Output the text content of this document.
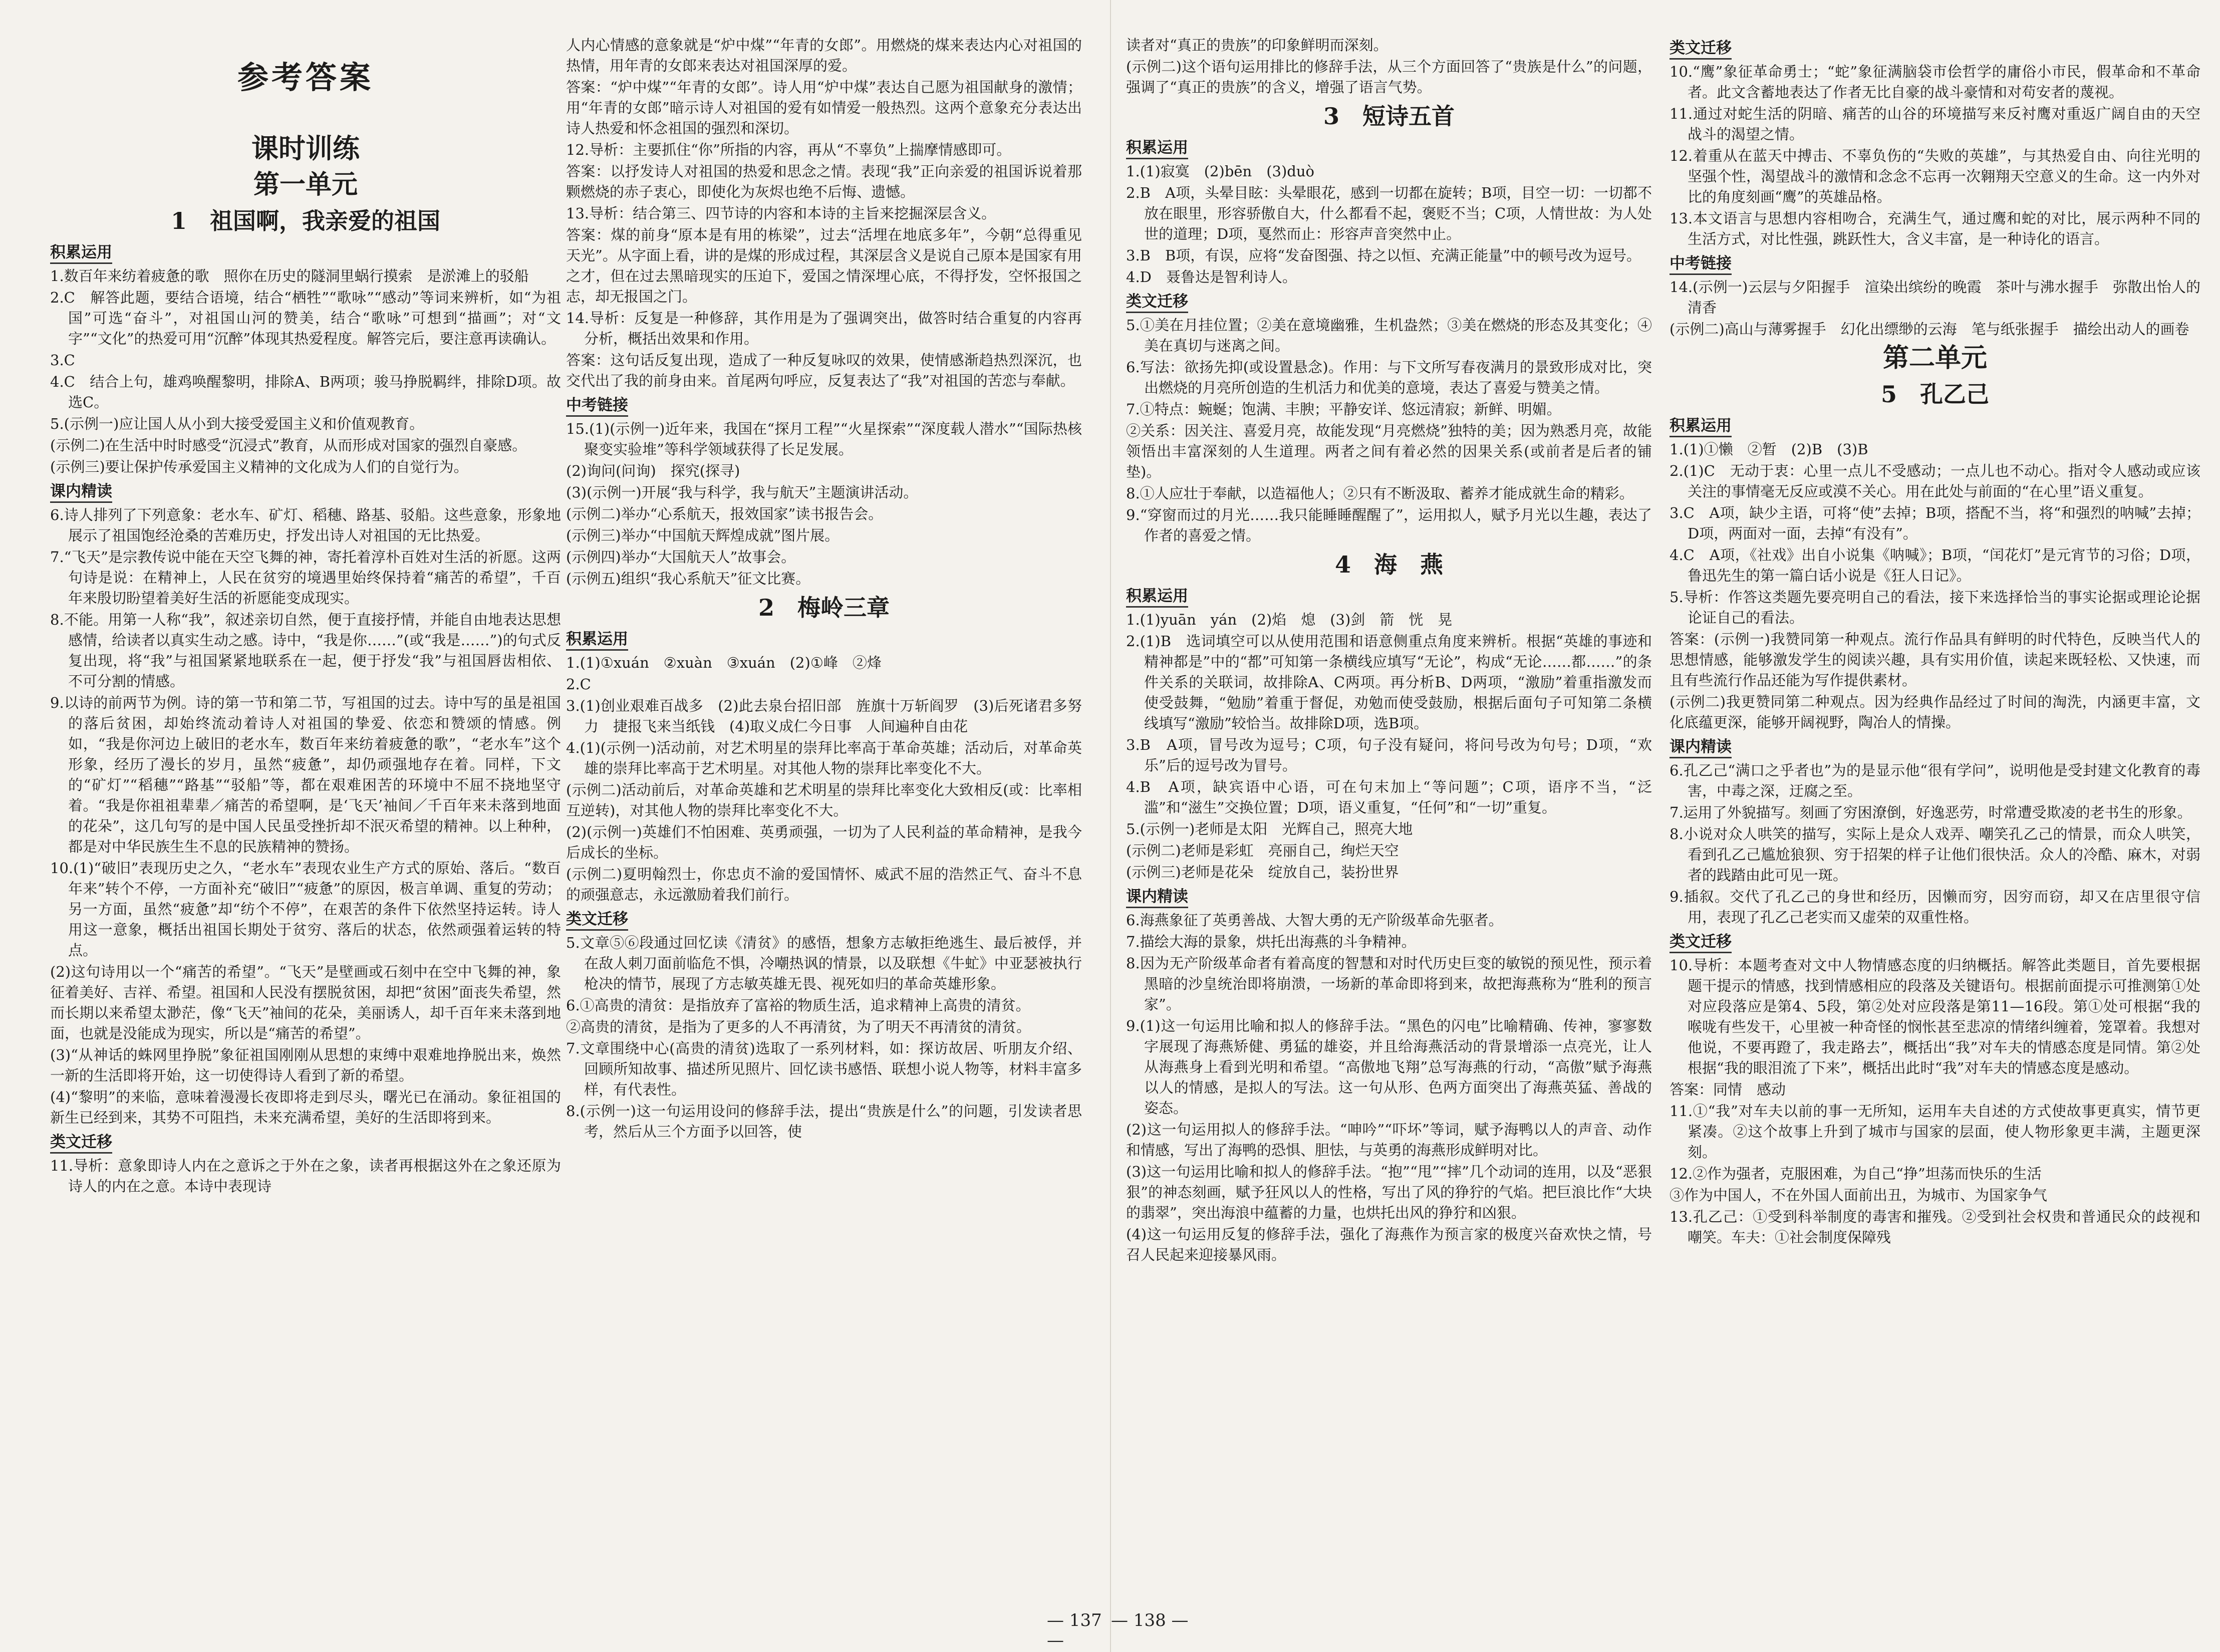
参考答案
课时训练
第一单元
1　祖国啊，我亲爱的祖国
积累运用

1.数百年来纺着疲惫的歌　照你在历史的隧洞里蜗行摸索　是淤滩上的驳船

2.C　解答此题，要结合语境，结合“栖牲”“歌咏”“感动”等词来辨析，如“为祖国”可选“奋斗”，对祖国山河的赞美，结合“歌咏”可想到“描画”；对“文字”“文化”的热爱可用“沉醉”体现其热爱程度。解答完后，要注意再读确认。

3.C

4.C　结合上句，雄鸡唤醒黎明，排除A、B两项；骏马挣脱羁绊，排除D项。故选C。

5.(示例一)应让国人从小到大接受爱国主义和价值观教育。

(示例二)在生活中时时感受“沉浸式”教育，从而形成对国家的强烈自豪感。

(示例三)要让保护传承爱国主义精神的文化成为人们的自觉行为。

课内精读

6.诗人排列了下列意象：老水车、矿灯、稻穗、路基、驳船。这些意象，形象地展示了祖国饱经沧桑的苦难历史，抒发出诗人对祖国的无比热爱。

7.“飞天”是宗教传说中能在天空飞舞的神，寄托着淳朴百姓对生活的祈愿。这两句诗是说：在精神上，人民在贫穷的境遇里始终保持着“痛苦的希望”，千百年来殷切盼望着美好生活的祈愿能变成现实。

8.不能。用第一人称“我”，叙述亲切自然，便于直接抒情，并能自由地表达思想感情，给读者以真实生动之感。诗中，“我是你……”(或“我是……”)的句式反复出现，将“我”与祖国紧紧地联系在一起，便于抒发“我”与祖国唇齿相依、不可分割的情感。

9.以诗的前两节为例。诗的第一节和第二节，写祖国的过去。诗中写的虽是祖国的落后贫困，却始终流动着诗人对祖国的挚爱、依恋和赞颂的情感。例如，“我是你河边上破旧的老水车，数百年来纺着疲惫的歌”，“老水车”这个形象，经历了漫长的岁月，虽然“疲惫”，却仍顽强地存在着。同样，下文的“矿灯”“稻穗”“路基”“驳船”等，都在艰难困苦的环境中不屈不挠地坚守着。“我是你祖祖辈辈／痛苦的希望啊，是‘飞天’袖间／千百年来未落到地面的花朵”，这几句写的是中国人民虽受挫折却不泯灭希望的精神。以上种种，都是对中华民族生生不息的民族精神的赞扬。

10.(1)“破旧”表现历史之久，“老水车”表现农业生产方式的原始、落后。“数百年来”转个不停，一方面补充“破旧”“疲惫”的原因，极言单调、重复的劳动；另一方面，虽然“疲惫”却“纺个不停”，在艰苦的条件下依然坚持运转。诗人用这一意象，概括出祖国长期处于贫穷、落后的状态，依然顽强着运转的特点。

(2)这句诗用以一个“痛苦的希望”。“飞天”是壁画或石刻中在空中飞舞的神，象征着美好、吉祥、希望。祖国和人民没有摆脱贫困，却把“贫困”面丧失希望，然而长期以来希望太渺茫，像“飞天”袖间的花朵，美丽诱人，却千百年来未落到地面，也就是没能成为现实，所以是“痛苦的希望”。

(3)“从神话的蛛网里挣脱”象征祖国刚刚从思想的束缚中艰难地挣脱出来，焕然一新的生活即将开始，这一切使得诗人看到了新的希望。

(4)“黎明”的来临，意味着漫漫长夜即将走到尽头，曙光已在涌动。象征祖国的新生已经到来，其势不可阻挡，未来充满希望，美好的生活即将到来。

类文迁移

11.导析：意象即诗人内在之意诉之于外在之象，读者再根据这外在之象还原为诗人的内在之意。本诗中表现诗

人内心情感的意象就是“炉中煤”“年青的女郎”。用燃烧的煤来表达内心对祖国的热情，用年青的女郎来表达对祖国深厚的爱。

答案：“炉中煤”“年青的女郎”。诗人用“炉中煤”表达自己愿为祖国献身的激情；用“年青的女郎”暗示诗人对祖国的爱有如情爱一般热烈。这两个意象充分表达出诗人热爱和怀念祖国的强烈和深切。

12.导析：主要抓住“你”所指的内容，再从“不辜负”上揣摩情感即可。

答案：以抒发诗人对祖国的热爱和思念之情。表现“我”正向亲爱的祖国诉说着那颗燃烧的赤子衷心，即使化为灰烬也绝不后悔、遗憾。

13.导析：结合第三、四节诗的内容和本诗的主旨来挖掘深层含义。

答案：煤的前身“原本是有用的栋梁”，过去“活埋在地底多年”，今朝“总得重见天光”。从字面上看，讲的是煤的形成过程，其深层含义是说自己原本是国家有用之才，但在过去黑暗现实的压迫下，爱国之情深埋心底，不得抒发，空怀报国之志，却无报国之门。

14.导析：反复是一种修辞，其作用是为了强调突出，做答时结合重复的内容再分析，概括出效果和作用。

答案：这句话反复出现，造成了一种反复咏叹的效果，使情感渐趋热烈深沉，也交代出了我的前身由来。首尾两句呼应，反复表达了“我”对祖国的苦恋与奉献。

中考链接

15.(1)(示例一)近年来，我国在“探月工程”“火星探索”“深度载人潜水”“国际热核聚变实验堆”等科学领域获得了长足发展。

(2)询问(问询)　探究(探寻)

(3)(示例一)开展“我与科学，我与航天”主题演讲活动。

(示例二)举办“心系航天，报效国家”读书报告会。

(示例三)举办“中国航天辉煌成就”图片展。

(示例四)举办“大国航天人”故事会。

(示例五)组织“我心系航天”征文比赛。

2　梅岭三章
积累运用

1.(1)①xuán　②xuàn　③xuán　(2)①峰　②烽

2.C

3.(1)创业艰难百战多　(2)此去泉台招旧部　旌旗十万斩阎罗　(3)后死诸君多努力　捷报飞来当纸钱　(4)取义成仁今日事　人间遍种自由花

4.(1)(示例一)活动前，对艺术明星的崇拜比率高于革命英雄；活动后，对革命英雄的崇拜比率高于艺术明星。对其他人物的崇拜比率变化不大。

(示例二)活动前后，对革命英雄和艺术明星的崇拜比率变化大致相反(或：比率相互逆转)，对其他人物的崇拜比率变化不大。

(2)(示例一)英雄们不怕困难、英勇顽强，一切为了人民利益的革命精神，是我今后成长的坐标。

(示例二)夏明翰烈士，你忠贞不渝的爱国情怀、威武不屈的浩然正气、奋斗不息的顽强意志，永远激励着我们前行。

类文迁移

5.文章⑤⑥段通过回忆读《清贫》的感悟，想象方志敏拒绝逃生、最后被俘，并在敌人刺刀面前临危不惧，冷嘲热讽的情景，以及联想《牛虻》中亚瑟被执行枪决的情节，展现了方志敏英雄无畏、视死如归的革命英雄形象。

6.①高贵的清贫：是指放弃了富裕的物质生活，追求精神上高贵的清贫。

②高贵的清贫，是指为了更多的人不再清贫，为了明天不再清贫的清贫。

7.文章围绕中心(高贵的清贫)选取了一系列材料，如：探访故居、听朋友介绍、回顾所知故事、描述所见照片、回忆读书感悟、联想小说人物等，材料丰富多样，有代表性。

8.(示例一)这一句运用设问的修辞手法，提出“贵族是什么”的问题，引发读者思考，然后从三个方面予以回答，使

— 137 —

读者对“真正的贵族”的印象鲜明而深刻。

(示例二)这个语句运用排比的修辞手法，从三个方面回答了“贵族是什么”的问题，强调了“真正的贵族”的含义，增强了语言气势。

3　短诗五首
积累运用

1.(1)寂寞　(2)bēn　(3)duò

2.B　A项，头晕目眩：头晕眼花，感到一切都在旋转；B项，目空一切：一切都不放在眼里，形容骄傲自大，什么都看不起，褒贬不当；C项，人情世故：为人处世的道理；D项，戛然而止：形容声音突然中止。

3.B　B项，有误，应将“发奋图强、持之以恒、充满正能量”中的顿号改为逗号。

4.D　聂鲁达是智利诗人。

类文迁移

5.①美在月挂位置；②美在意境幽雅，生机盎然；③美在燃烧的形态及其变化；④美在真切与迷离之间。

6.写法：欲扬先抑(或设置悬念)。作用：与下文所写春夜满月的景致形成对比，突出燃烧的月亮所创造的生机活力和优美的意境，表达了喜爱与赞美之情。

7.①特点：蜿蜒；饱满、丰腴；平静安详、悠远清寂；新鲜、明媚。

②关系：因关注、喜爱月亮，故能发现“月亮燃烧”独特的美；因为熟悉月亮，故能领悟出丰富深刻的人生道理。两者之间有着必然的因果关系(或前者是后者的铺垫)。

8.①人应壮于奉献，以造福他人；②只有不断汲取、蓄养才能成就生命的精彩。

9.“穿窗而过的月光……我只能睡睡醒醒了”，运用拟人，赋予月光以生趣，表达了作者的喜爱之情。

4　海　燕
积累运用

1.(1)yuān　yán　(2)焰　熄　(3)剑　箭　恍　晃

2.(1)B　选词填空可以从使用范围和语意侧重点角度来辨析。根据“英雄的事迹和精神都是”中的“都”可知第一条横线应填写“无论”，构成“无论……都……”的条件关系的关联词，故排除A、C两项。再分析B、D两项，“激励”着重指激发而使受鼓舞，“勉励”着重于督促，劝勉而使受鼓励，根据后面句子可知第二条横线填写“激励”较恰当。故排除D项，选B项。

3.B　A项，冒号改为逗号；C项，句子没有疑问，将问号改为句号；D项，“欢乐”后的逗号改为冒号。

4.B　A项，缺宾语中心语，可在句末加上“等问题”；C项，语序不当，“泛滥”和“滋生”交换位置；D项，语义重复，“任何”和“一切”重复。

5.(示例一)老师是太阳　光辉自己，照亮大地

(示例二)老师是彩虹　亮丽自己，绚烂天空

(示例三)老师是花朵　绽放自己，装扮世界

课内精读

6.海燕象征了英勇善战、大智大勇的无产阶级革命先驱者。

7.描绘大海的景象，烘托出海燕的斗争精神。

8.因为无产阶级革命者有着高度的智慧和对时代历史巨变的敏锐的预见性，预示着黑暗的沙皇统治即将崩溃，一场新的革命即将到来，故把海燕称为“胜利的预言家”。

9.(1)这一句运用比喻和拟人的修辞手法。“黑色的闪电”比喻精确、传神，寥寥数字展现了海燕矫健、勇猛的雄姿，并且给海燕活动的背景增添一点亮光，让人从海燕身上看到光明和希望。“高傲地飞翔”总写海燕的行动，“高傲”赋予海燕以人的情感，是拟人的写法。这一句从形、色两方面突出了海燕英猛、善战的姿态。

(2)这一句运用拟人的修辞手法。“呻吟”“吓坏”等词，赋予海鸭以人的声音、动作和情感，写出了海鸭的恐惧、胆怯，与英勇的海燕形成鲜明对比。

(3)这一句运用比喻和拟人的修辞手法。“抱”“甩”“摔”几个动词的连用，以及“恶狠狠”的神态刻画，赋予狂风以人的性格，写出了风的狰狞的气焰。把巨浪比作“大块的翡翠”，突出海浪中蕴蓄的力量，也烘托出风的狰狞和凶狠。

(4)这一句运用反复的修辞手法，强化了海燕作为预言家的极度兴奋欢快之情，号召人民起来迎接暴风雨。

类文迁移

10.“鹰”象征革命勇士；“蛇”象征满脑袋市侩哲学的庸俗小市民，假革命和不革命者。此文含蓄地表达了作者无比自豪的战斗豪情和对苟安者的蔑视。

11.通过对蛇生活的阴暗、痛苦的山谷的环境描写来反衬鹰对重返广阔自由的天空战斗的渴望之情。

12.着重从在蓝天中搏击、不辜负伤的“失败的英雄”，与其热爱自由、向往光明的坚强个性，渴望战斗的激情和念念不忘再一次翱翔天空意义的生命。这一内外对比的角度刻画“鹰”的英雄品格。

13.本文语言与思想内容相吻合，充满生气，通过鹰和蛇的对比，展示两种不同的生活方式，对比性强，跳跃性大，含义丰富，是一种诗化的语言。

中考链接

14.(示例一)云层与夕阳握手　渲染出缤纷的晚霞　茶叶与沸水握手　弥散出怡人的清香

(示例二)高山与薄雾握手　幻化出缥缈的云海　笔与纸张握手　描绘出动人的画卷

第二单元
5　孔乙己
积累运用

1.(1)①懒　②暂　(2)B　(3)B

2.(1)C　无动于衷：心里一点儿不受感动；一点儿也不动心。指对令人感动或应该关注的事情毫无反应或漠不关心。用在此处与前面的“在心里”语义重复。

3.C　A项，缺少主语，可将“使”去掉；B项，搭配不当，将“和强烈的呐喊”去掉；D项，两面对一面，去掉“有没有”。

4.C　A项，《社戏》出自小说集《呐喊》；B项，“闰花灯”是元宵节的习俗；D项，鲁迅先生的第一篇白话小说是《狂人日记》。

5.导析：作答这类题先要亮明自己的看法，接下来选择恰当的事实论据或理论论据论证自己的看法。

答案：(示例一)我赞同第一种观点。流行作品具有鲜明的时代特色，反映当代人的思想情感，能够激发学生的阅读兴趣，具有实用价值，读起来既轻松、又快速，而且有些流行作品还能为写作提供素材。

(示例二)我更赞同第二种观点。因为经典作品经过了时间的淘洗，内涵更丰富，文化底蕴更深，能够开阔视野，陶冶人的情操。

课内精读

6.孔乙己“满口之乎者也”为的是显示他“很有学问”，说明他是受封建文化教育的毒害，中毒之深，迂腐之至。

7.运用了外貌描写。刻画了穷困潦倒，好逸恶劳，时常遭受欺凌的老书生的形象。

8.小说对众人哄笑的描写，实际上是众人戏弄、嘲笑孔乙己的情景，而众人哄笑，看到孔乙己尴尬狼狈、穷于招架的样子让他们很快活。众人的冷酷、麻木，对弱者的践踏由此可见一斑。

9.插叙。交代了孔乙己的身世和经历，因懒而穷，因穷而窃，却又在店里很守信用，表现了孔乙己老实而又虚荣的双重性格。

类文迁移

10.导析：本题考查对文中人物情感态度的归纳概括。解答此类题目，首先要根据题干提示的情感，找到情感相应的段落及关键语句。根据前面提示可推测第①处对应段落应是第4、5段，第②处对应段落是第11—16段。第①处可根据“我的喉咙有些发干，心里被一种奇怪的悯怅甚至悲凉的情绪纠缠着，笼罩着。我想对他说，不要再蹬了，我走路去”，概括出“我”对车夫的情感态度是同情。第②处根据“我的眼泪流了下来”，概括出此时“我”对车夫的情感态度是感动。

答案：同情　感动

11.①“我”对车夫以前的事一无所知，运用车夫自述的方式使故事更真实，情节更紧凑。②这个故事上升到了城市与国家的层面，使人物形象更丰满，主题更深刻。

12.②作为强者，克服困难，为自己“挣”坦荡而快乐的生活

③作为中国人，不在外国人面前出丑，为城市、为国家争气

13.孔乙己：①受到科举制度的毒害和摧残。②受到社会权贵和普通民众的歧视和嘲笑。车夫：①社会制度保障残

— 138 —
